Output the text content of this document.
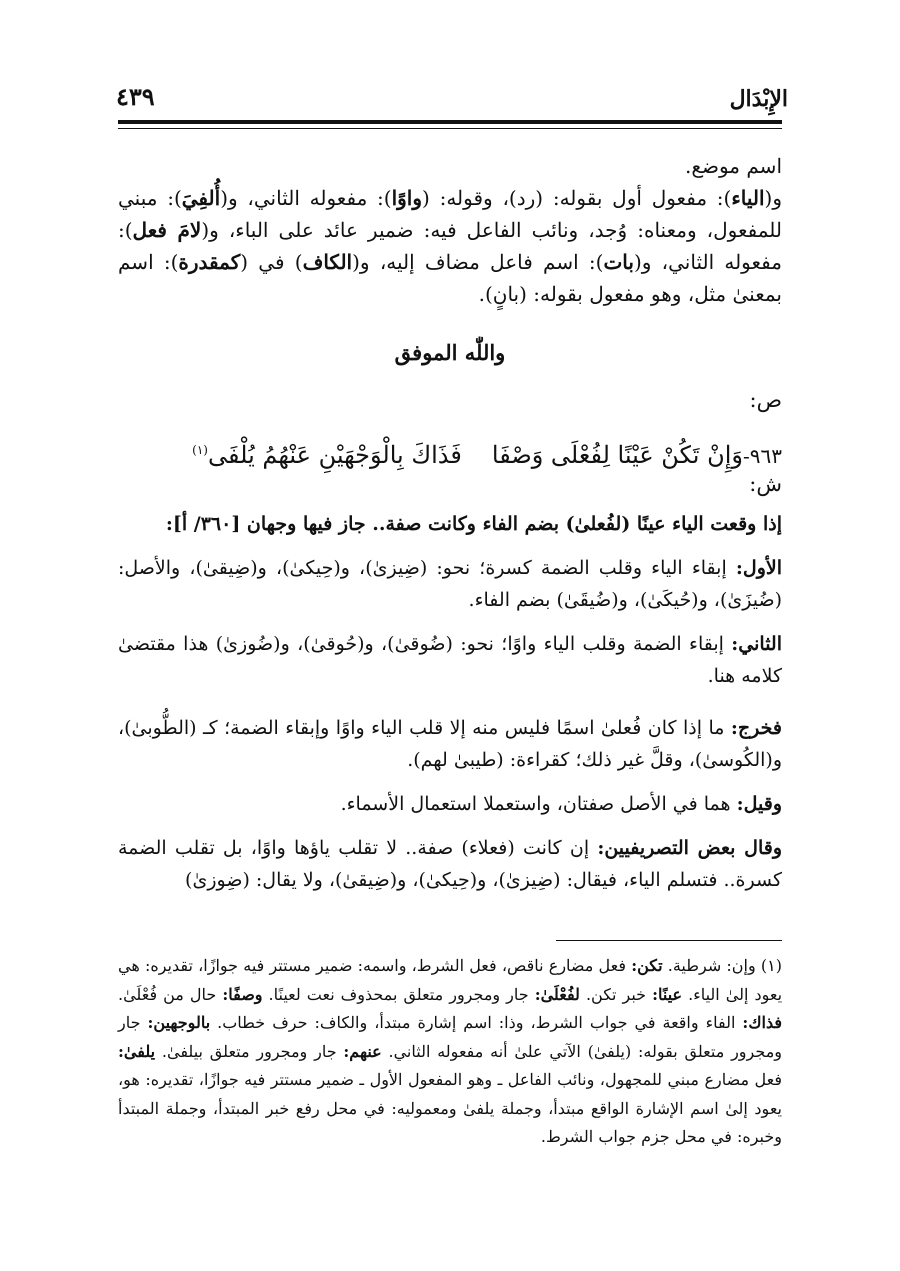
الإِبْدَال
٤٣٩

اسم موضع.

و(الياء): مفعول أول بقوله: (رد)، وقوله: (واوًا): مفعوله الثاني، و(أُلفِيَ): مبني للمفعول، ومعناه: وُجد، ونائب الفاعل فيه: ضمير عائد على الباء، و(لامَ فعل): مفعوله الثاني، و(بات): اسم فاعل مضاف إليه، و(الكاف) في (كمقدرة): اسم بمعنىٰ مثل، وهو مفعول بقوله: (بانٍ).

واللّٰه الموفق
ص:
٩٦٣-وَإِنْ تَكُنْ عَيْنًا لِفُعْلَى وَصْفَافَذَاكَ بِالْوَجْهَيْنِ عَنْهُمُ يُلْفَى$^{(١)}$
ش:
إذا وقعت الياء عينًا (لفُعلىٰ) بضم الفاء وكانت صفة.. جاز فيها وجهان [٣٦٠/ أ]:
الأول: إبقاء الياء وقلب الضمة كسرة؛ نحو: (ضِيزىٰ)، و(حِيكىٰ)، و(ضِيقىٰ)، والأصل: (ضُيزَىٰ)، و(حُيكَىٰ)، و(ضُيقَىٰ) بضم الفاء.
الثاني: إبقاء الضمة وقلب الياء واوًا؛ نحو: (ضُوقىٰ)، و(حُوقىٰ)، و(ضُوزىٰ) هذا مقتضىٰ كلامه هنا.
فخرج: ما إذا كان فُعلىٰ اسمًا فليس منه إلا قلب الياء واوًا وإبقاء الضمة؛ كـ (الطُّوبىٰ)، و(الكُوسىٰ)، وقلَّ غير ذلك؛ كقراءة: (طيبىٰ لهم).
وقيل: هما في الأصل صفتان، واستعملا استعمال الأسماء.
وقال بعض التصريفيين: إن كانت (فعلاء) صفة.. لا تقلب ياؤها واوًا، بل تقلب الضمة كسرة.. فتسلم الياء، فيقال: (ضِيزىٰ)، و(حِيكىٰ)، و(ضِيقىٰ)، ولا يقال: (ضِوزىٰ)
(١) وإن: شرطية. تكن: فعل مضارع ناقص، فعل الشرط، واسمه: ضمير مستتر فيه جوازًا، تقديره: هي يعود إلىٰ الياء. عينًا: خبر تكن. لفُعْلَىٰ: جار ومجرور متعلق بمحذوف نعت لعينًا. وصفًا: حال من فُعْلَىٰ. فذاك: الفاء واقعة في جواب الشرط، وذا: اسم إشارة مبتدأ، والكاف: حرف خطاب. بالوجهين: جار ومجرور متعلق بقوله: (يلفىٰ) الآتي علىٰ أنه مفعوله الثاني. عنهم: جار ومجرور متعلق بيلفىٰ. يلفىٰ: فعل مضارع مبني للمجهول، ونائب الفاعل ـ وهو المفعول الأول ـ ضمير مستتر فيه جوازًا، تقديره: هو، يعود إلىٰ اسم الإشارة الواقع مبتدأ، وجملة يلفىٰ ومعموليه: في محل رفع خبر المبتدأ، وجملة المبتدأ وخبره: في محل جزم جواب الشرط.
